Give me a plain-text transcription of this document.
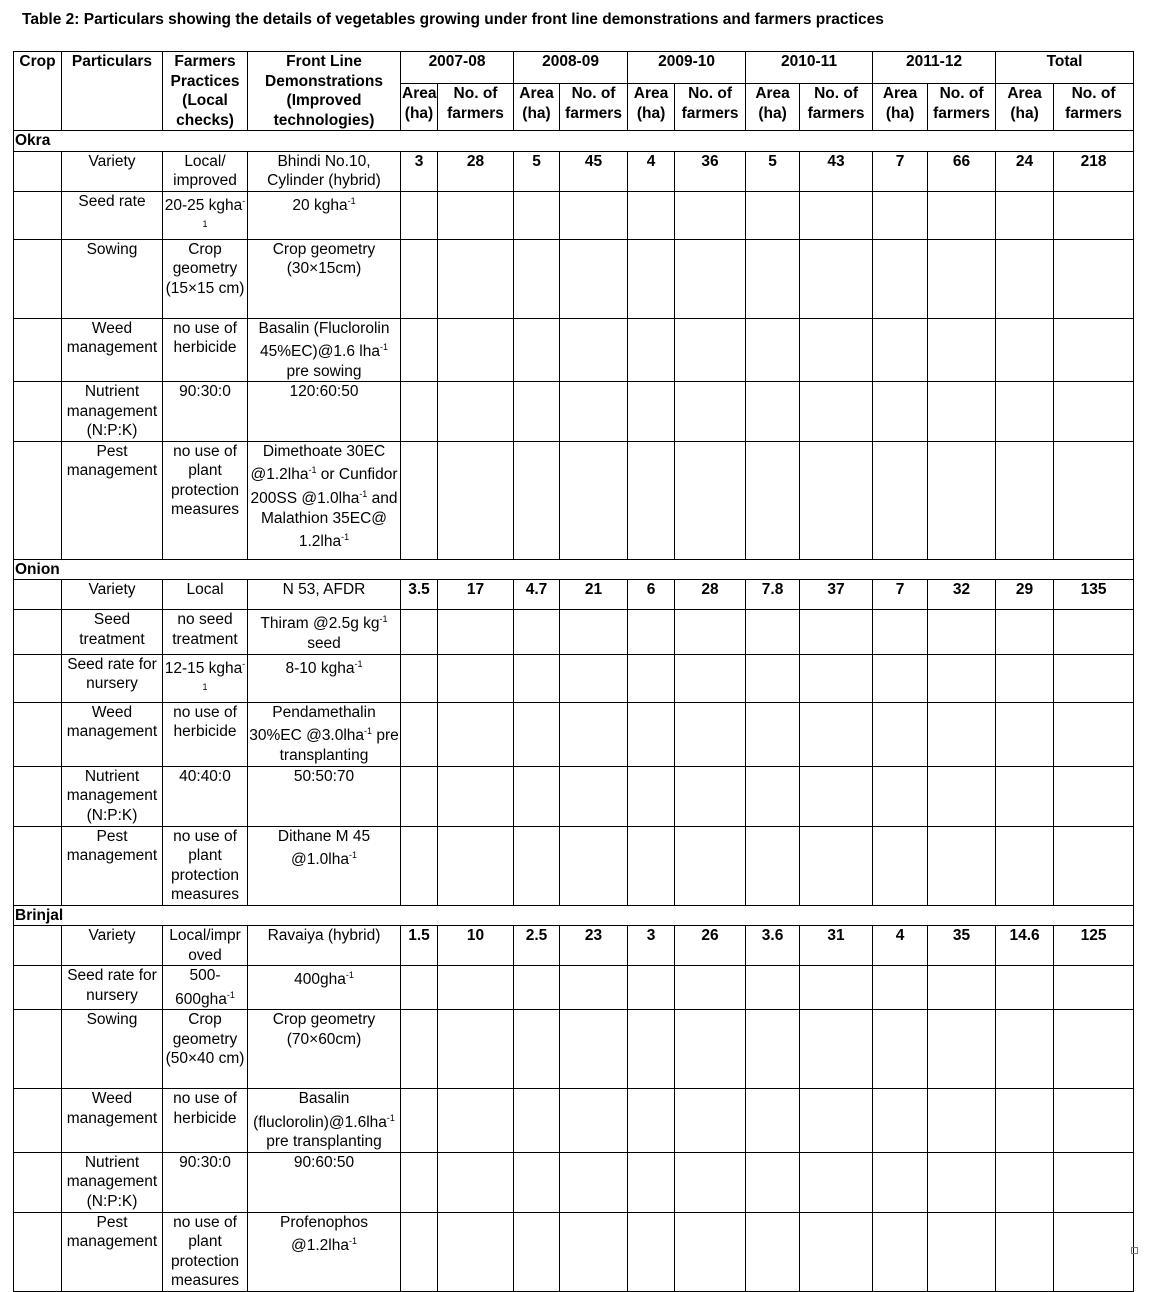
Table 2: Particulars showing the details of vegetables growing under front line demonstrations and farmers practices
Crop	Particulars	Farmers Practices (Local checks)	Front Line Demonstrations (Improved technologies)	2007-08		2008-09		2009-10		2010-11		2011-12		Total	
				Area (ha)	No. of farmers	Area (ha)	No. of farmers	Area (ha)	No. of farmers	Area (ha)	No. of farmers	Area (ha)	No. of farmers	Area (ha)	No. of farmers
Okra															
	Variety	Local/ improved	Bhindi No.10, Cylinder (hybrid)	3	28	5	45	4	36	5	43	7	66	24	218
	Seed rate	20-25 kgha$^{-1}$	20 kgha$^{-1}$												
	Sowing	Crop geometry (15×15 cm)	Crop geometry (30×15cm)												
	Weed management	no use of herbicide	Basalin (Fluclorolin 45%EC)@1.6 lha$^{-1}$ pre sowing												
	Nutrient management (N:P:K)	90:30:0	120:60:50												
	Pest management	no use of plant protection measures	Dimethoate 30EC @1.2lha$^{-1}$ or Cunfidor 200SS @1.0lha$^{-1}$ and Malathion 35EC@ 1.2lha$^{-1}$												
Onion															
	Variety	Local	N 53, AFDR	3.5	17	4.7	21	6	28	7.8	37	7	32	29	135
	Seed treatment	no seed treatment	Thiram @2.5g $kg^{-1}$ seed												
	Seed rate for nursery	12-15 kgha$^{-1}$	8-10 kgha$^{-1}$												
	Weed management	no use of herbicide	Pendamethalin 30%EC @3.0lha$^{-1}$ pre transplanting												
	Nutrient management (N:P:K)	40:40:0	50:50:70												
	Pest management	no use of plant protection measures	Dithane M 45 @1.0lha$^{-1}$												
Brinjal															
	Variety	Local/impr oved	Ravaiya (hybrid)	1.5	10	2.5	23	3	26	3.6	31	4	35	14.6	125
	Seed rate for nursery	500-600gha$^{-1}$	400gha$^{-1}$												
	Sowing	Crop geometry (50×40 cm)	Crop geometry (70×60cm)												
	Weed management	no use of herbicide	Basalin (fluclorolin)@1.6lha$^{-1}$ pre transplanting												
	Nutrient management (N:P:K)	90:30:0	90:60:50												
	Pest management	no use of plant protection measures	Profenophos @1.2lha$^{-1}$												
